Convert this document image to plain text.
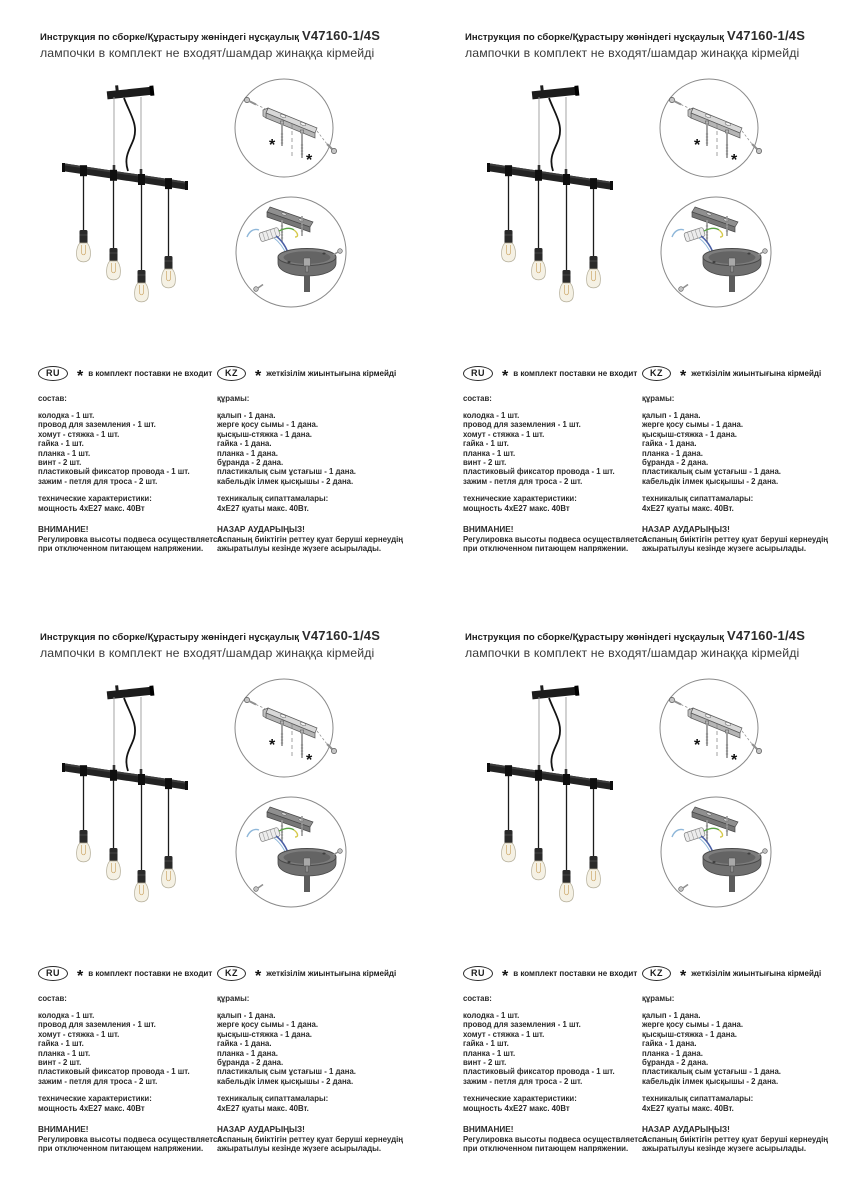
Инструкция по сборке/Құрастыру жөніндегі нұсқаулық V47160-1/4S
лампочки в комплект не входят/шамдар жинаққа кірмейді
*
*
RU	* в комплект поставки не входит
состав:
колодка - 1 шт.
провод для заземления - 1 шт.
хомут - стяжка - 1 шт.
гайка - 1 шт.
планка - 1 шт.
винт - 2 шт.
пластиковый фиксатор провода - 1 шт.
зажим - петля для троса - 2 шт.
технические характеристики:
мощность 4хЕ27 макс. 40Вт
ВНИМАНИЕ!
Регулировка высоты подвеса осуществляется
при отключенном питающем напряжении.
KZ	* жеткізілім жиынтығына кірмейді
құрамы:
қалып - 1 дана.
жерге қосу сымы - 1 дана.
қысқыш-стяжка - 1 дана.
гайка - 1 дана.
планка - 1 дана.
бұранда - 2 дана.
пластикалық сым ұстағыш - 1 дана.
кабельдік ілмек қысқышы - 2 дана.
техникалық сипаттамалары:
4хЕ27 қуаты макс. 40Вт.
НАЗАР АУДАРЫҢЫЗ!
Аспаның биіктігін реттеу қуат беруші кернеудің
ажыратылуы кезінде жүзеге асырылады.
Инструкция по сборке/Құрастыру жөніндегі нұсқаулық V47160-1/4S
лампочки в комплект не входят/шамдар жинаққа кірмейді
*
*
RU	* в комплект поставки не входит
состав:
колодка - 1 шт.
провод для заземления - 1 шт.
хомут - стяжка - 1 шт.
гайка - 1 шт.
планка - 1 шт.
винт - 2 шт.
пластиковый фиксатор провода - 1 шт.
зажим - петля для троса - 2 шт.
технические характеристики:
мощность 4хЕ27 макс. 40Вт
ВНИМАНИЕ!
Регулировка высоты подвеса осуществляется
при отключенном питающем напряжении.
KZ	* жеткізілім жиынтығына кірмейді
құрамы:
қалып - 1 дана.
жерге қосу сымы - 1 дана.
қысқыш-стяжка - 1 дана.
гайка - 1 дана.
планка - 1 дана.
бұранда - 2 дана.
пластикалық сым ұстағыш - 1 дана.
кабельдік ілмек қысқышы - 2 дана.
техникалық сипаттамалары:
4хЕ27 қуаты макс. 40Вт.
НАЗАР АУДАРЫҢЫЗ!
Аспаның биіктігін реттеу қуат беруші кернеудің
ажыратылуы кезінде жүзеге асырылады.
Инструкция по сборке/Құрастыру жөніндегі нұсқаулық V47160-1/4S
лампочки в комплект не входят/шамдар жинаққа кірмейді
*
*
RU	* в комплект поставки не входит
состав:
колодка - 1 шт.
провод для заземления - 1 шт.
хомут - стяжка - 1 шт.
гайка - 1 шт.
планка - 1 шт.
винт - 2 шт.
пластиковый фиксатор провода - 1 шт.
зажим - петля для троса - 2 шт.
технические характеристики:
мощность 4хЕ27 макс. 40Вт
ВНИМАНИЕ!
Регулировка высоты подвеса осуществляется
при отключенном питающем напряжении.
KZ	* жеткізілім жиынтығына кірмейді
құрамы:
қалып - 1 дана.
жерге қосу сымы - 1 дана.
қысқыш-стяжка - 1 дана.
гайка - 1 дана.
планка - 1 дана.
бұранда - 2 дана.
пластикалық сым ұстағыш - 1 дана.
кабельдік ілмек қысқышы - 2 дана.
техникалық сипаттамалары:
4хЕ27 қуаты макс. 40Вт.
НАЗАР АУДАРЫҢЫЗ!
Аспаның биіктігін реттеу қуат беруші кернеудің
ажыратылуы кезінде жүзеге асырылады.
Инструкция по сборке/Құрастыру жөніндегі нұсқаулық V47160-1/4S
лампочки в комплект не входят/шамдар жинаққа кірмейді
*
*
RU	* в комплект поставки не входит
состав:
колодка - 1 шт.
провод для заземления - 1 шт.
хомут - стяжка - 1 шт.
гайка - 1 шт.
планка - 1 шт.
винт - 2 шт.
пластиковый фиксатор провода - 1 шт.
зажим - петля для троса - 2 шт.
технические характеристики:
мощность 4хЕ27 макс. 40Вт
ВНИМАНИЕ!
Регулировка высоты подвеса осуществляется
при отключенном питающем напряжении.
KZ	* жеткізілім жиынтығына кірмейді
құрамы:
қалып - 1 дана.
жерге қосу сымы - 1 дана.
қысқыш-стяжка - 1 дана.
гайка - 1 дана.
планка - 1 дана.
бұранда - 2 дана.
пластикалық сым ұстағыш - 1 дана.
кабельдік ілмек қысқышы - 2 дана.
техникалық сипаттамалары:
4хЕ27 қуаты макс. 40Вт.
НАЗАР АУДАРЫҢЫЗ!
Аспаның биіктігін реттеу қуат беруші кернеудің
ажыратылуы кезінде жүзеге асырылады.
